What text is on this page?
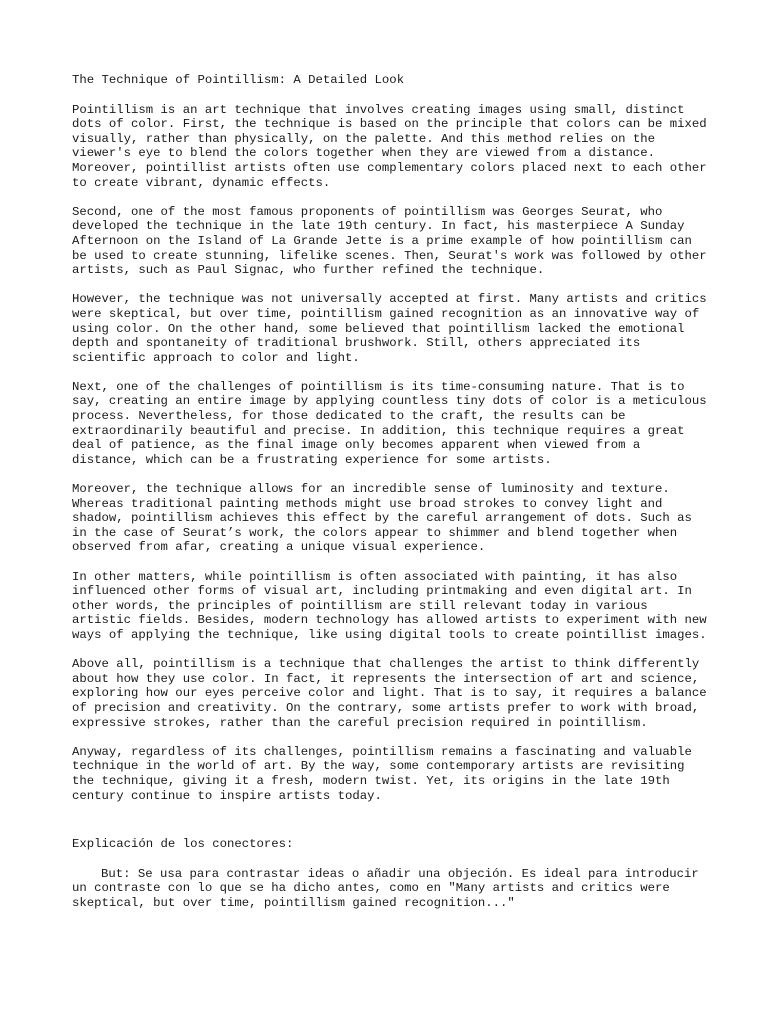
The Technique of Pointillism: A Detailed Look

Pointillism is an art technique that involves creating images using small, distinct dots of color. First, the technique is based on the principle that colors can be mixed visually, rather than physically, on the palette. And this method relies on the viewer's eye to blend the colors together when they are viewed from a distance. Moreover, pointillist artists often use complementary colors placed next to each other to create vibrant, dynamic effects.

Second, one of the most famous proponents of pointillism was Georges Seurat, who developed the technique in the late 19th century. In fact, his masterpiece A Sunday Afternoon on the Island of La Grande Jette is a prime example of how pointillism can be used to create stunning, lifelike scenes. Then, Seurat's work was followed by other artists, such as Paul Signac, who further refined the technique.

However, the technique was not universally accepted at first. Many artists and critics were skeptical, but over time, pointillism gained recognition as an innovative way of using color. On the other hand, some believed that pointillism lacked the emotional depth and spontaneity of traditional brushwork. Still, others appreciated its scientific approach to color and light.

Next, one of the challenges of pointillism is its time-consuming nature. That is to say, creating an entire image by applying countless tiny dots of color is a meticulous process. Nevertheless, for those dedicated to the craft, the results can be extraordinarily beautiful and precise. In addition, this technique requires a great deal of patience, as the final image only becomes apparent when viewed from a distance, which can be a frustrating experience for some artists.

Moreover, the technique allows for an incredible sense of luminosity and texture. Whereas traditional painting methods might use broad strokes to convey light and shadow, pointillism achieves this effect by the careful arrangement of dots. Such as in the case of Seurat’s work, the colors appear to shimmer and blend together when observed from afar, creating a unique visual experience.

In other matters, while pointillism is often associated with painting, it has also influenced other forms of visual art, including printmaking and even digital art. In other words, the principles of pointillism are still relevant today in various artistic fields. Besides, modern technology has allowed artists to experiment with new ways of applying the technique, like using digital tools to create pointillist images.

Above all, pointillism is a technique that challenges the artist to think differently about how they use color. In fact, it represents the intersection of art and science, exploring how our eyes perceive color and light. That is to say, it requires a balance of precision and creativity. On the contrary, some artists prefer to work with broad, expressive strokes, rather than the careful precision required in pointillism.

Anyway, regardless of its challenges, pointillism remains a fascinating and valuable technique in the world of art. By the way, some contemporary artists are revisiting the technique, giving it a fresh, modern twist. Yet, its origins in the late 19th century continue to inspire artists today.

Explicación de los conectores:

But: Se usa para contrastar ideas o añadir una objeción. Es ideal para introducir un contraste con lo que se ha dicho antes, como en "Many artists and critics were skeptical, but over time, pointillism gained recognition..."
